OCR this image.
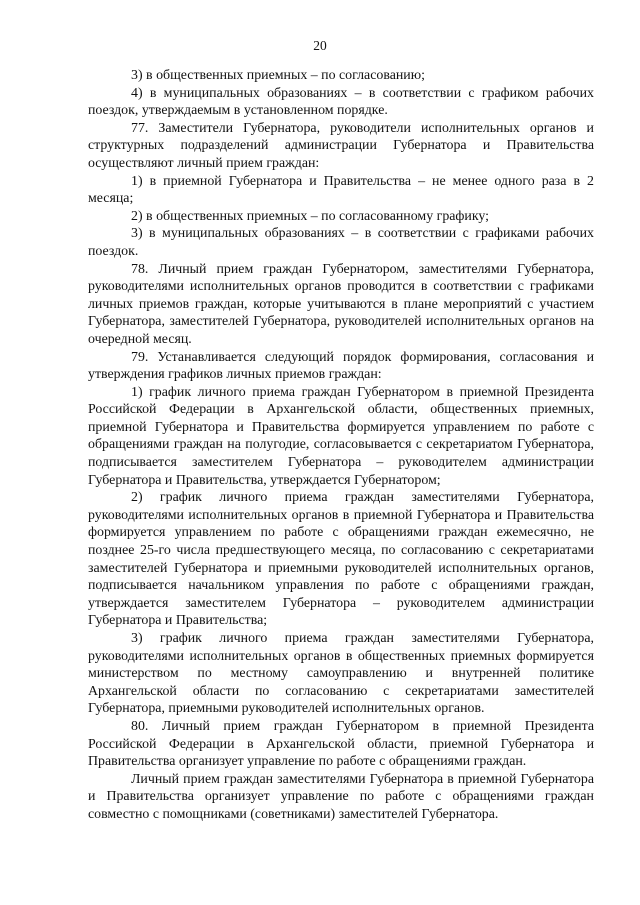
20

3) в общественных приемных – по согласованию;

4) в муниципальных образованиях – в соответствии с графиком рабочих поездок, утверждаемым в установленном порядке.

77. Заместители Губернатора, руководители исполнительных органов и структурных подразделений администрации Губернатора и Правительства осуществляют личный прием граждан:

1) в приемной Губернатора и Правительства – не менее одного раза в 2 месяца;

2) в общественных приемных – по согласованному графику;

3) в муниципальных образованиях – в соответствии с графиками рабочих поездок.

78. Личный прием граждан Губернатором, заместителями Губернатора, руководителями исполнительных органов проводится в соответствии с графиками личных приемов граждан, которые учитываются в плане мероприятий с участием Губернатора, заместителей Губернатора, руководителей исполнительных органов на очередной месяц.

79. Устанавливается следующий порядок формирования, согласования и утверждения графиков личных приемов граждан:

1) график личного приема граждан Губернатором в приемной Президента Российской Федерации в Архангельской области, общественных приемных, приемной Губернатора и Правительства формируется управлением по работе с обращениями граждан на полугодие, согласовывается с секретариатом Губернатора, подписывается заместителем Губернатора – руководителем администрации Губернатора и Правительства, утверждается Губернатором;

2) график личного приема граждан заместителями Губернатора, руководителями исполнительных органов в приемной Губернатора и Правительства формируется управлением по работе с обращениями граждан ежемесячно, не позднее 25-го числа предшествующего месяца, по согласованию с секретариатами заместителей Губернатора и приемными руководителей исполнительных органов, подписывается начальником управления по работе с обращениями граждан, утверждается заместителем Губернатора – руководителем администрации Губернатора и Правительства;

3) график личного приема граждан заместителями Губернатора, руководителями исполнительных органов в общественных приемных формируется министерством по местному самоуправлению и внутренней политике Архангельской области по согласованию с секретариатами заместителей Губернатора, приемными руководителей исполнительных органов.

80. Личный прием граждан Губернатором в приемной Президента Российской Федерации в Архангельской области, приемной Губернатора и Правительства организует управление по работе с обращениями граждан.

Личный прием граждан заместителями Губернатора в приемной Губернатора и Правительства организует управление по работе с обращениями граждан совместно с помощниками (советниками) заместителей Губернатора.
